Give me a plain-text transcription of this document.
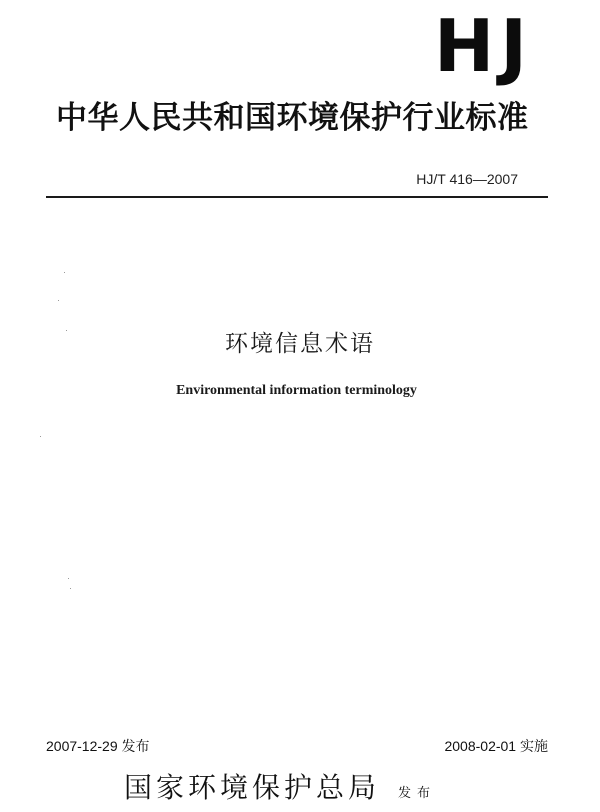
HJ
中华人民共和国环境保护行业标准
HJ/T 416—2007
环境信息术语
Environmental information terminology
2007-12-29 发布	2008-02-01 实施
国家环境保护总局 发布
